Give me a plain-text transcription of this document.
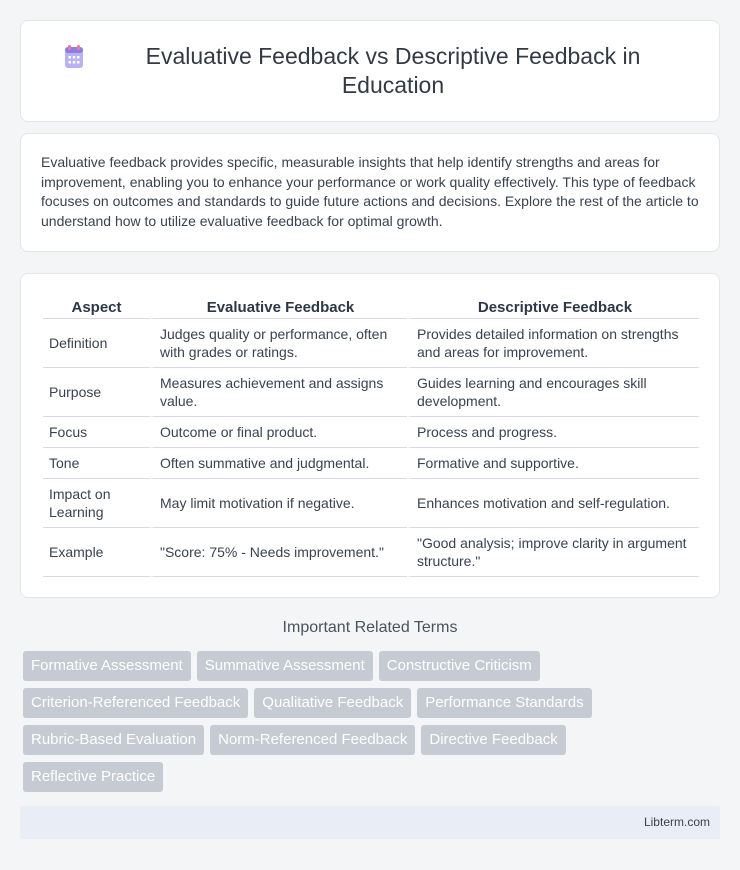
Evaluative Feedback vs Descriptive Feedback in Education

Evaluative feedback provides specific, measurable insights that help identify strengths and areas for improvement, enabling you to enhance your performance or work quality effectively. This type of feedback focuses on outcomes and standards to guide future actions and decisions. Explore the rest of the article to understand how to utilize evaluative feedback for optimal growth.

Aspect	Evaluative Feedback	Descriptive Feedback
Definition	Judges quality or performance, often with grades or ratings.	Provides detailed information on strengths and areas for improvement.
Purpose	Measures achievement and assigns value.	Guides learning and encourages skill development.
Focus	Outcome or final product.	Process and progress.
Tone	Often summative and judgmental.	Formative and supportive.
Impact on Learning	May limit motivation if negative.	Enhances motivation and self-regulation.
Example	"Score: 75% - Needs improvement."	"Good analysis; improve clarity in argument structure."
Important Related Terms
Formative Assessment	Summative Assessment	Constructive Criticism
Criterion-Referenced Feedback	Qualitative Feedback	Performance Standards
Rubric-Based Evaluation	Norm-Referenced Feedback	Directive Feedback
Reflective Practice
Libterm.com
